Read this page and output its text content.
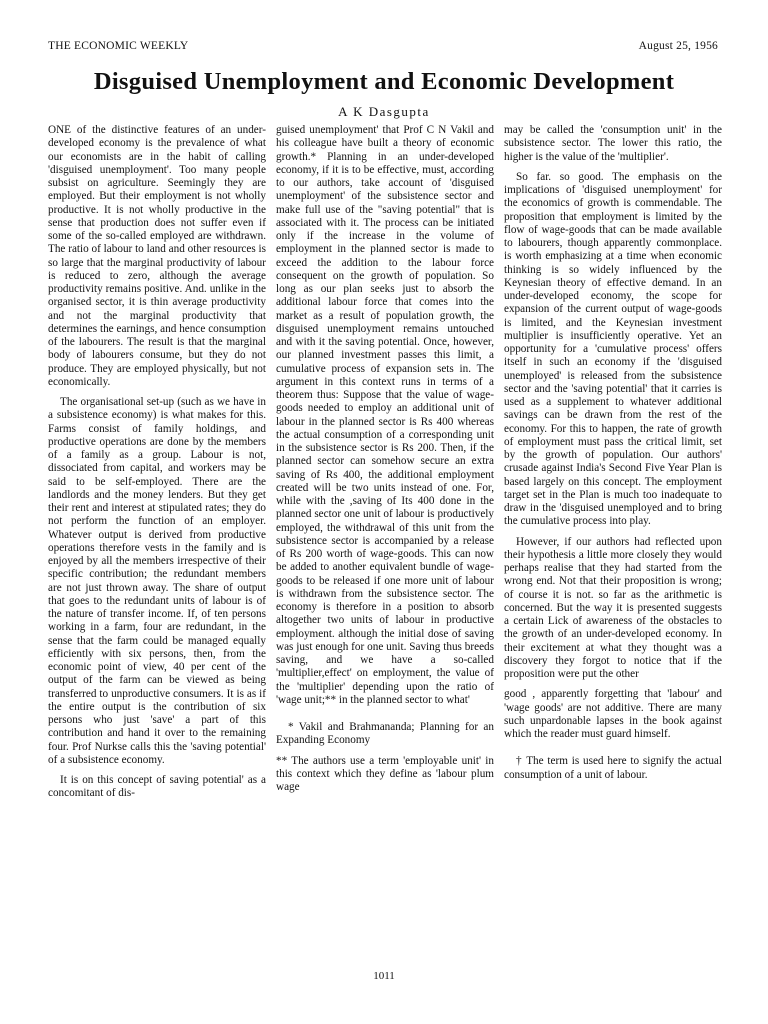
THE ECONOMIC WEEKLY	August 25, 1956
Disguised Unemployment and Economic Development
A K Dasgupta

ONE of the distinctive features of an under-developed economy is the prevalence of what our economists are in the habit of calling 'disguised unemployment'. Too many people subsist on agriculture. Seemingly they are employed. But their employment is not wholly productive. It is not wholly productive in the sense that production does not suffer even if some of the so-called employed are withdrawn. The ratio of labour to land and other resources is so large that the marginal productivity of labour is reduced to zero, although the average productivity remains positive. And. unlike in the organised sector, it is thin average productivity and not the marginal productivity that determines the earnings, and hence consumption of the labourers. The result is that the marginal body of labourers consume, but they do not produce. They are employed physically, but not economically.

The organisational set-up (such as we have in a subsistence economy) is what makes for this. Farms consist of family holdings, and productive operations are done by the members of a family as a group. Labour is not, dissociated from capital, and workers may be said to be self-employed. There are the landlords and the money lenders. But they get their rent and interest at stipulated rates; they do not perform the function of an employer. Whatever output is derived from productive operations therefore vests in the family and is enjoyed by all the members irrespective of their specific contribution; the redundant members are not just thrown away. The share of output that goes to the redundant units of labour is of the nature of transfer income. If, of ten persons working in a farm, four are redundant, in the sense that the farm could be managed equally efficiently with six persons, then, from the economic point of view, 40 per cent of the output of the farm can be viewed as being transferred to unproductive consumers. It is as if the entire output is the contribution of six persons who just 'save' a part of this contribution and hand it over to the remaining four. Prof Nurkse calls this the 'saving potential' of a subsistence economy.

It is on this concept of saving potential' as a concomitant of dis-

guised unemployment' that Prof C N Vakil and his colleague have built a theory of economic growth.* Planning in an under-developed economy, if it is to be effective, must, according to our authors, take account of 'disguised unemployment' of the subsistence sector and make full use of the "saving potential" that is associated with it. The process can be initiated only if the increase in the volume of employment in the planned sector is made to exceed the addition to the labour force consequent on the growth of population. So long as our plan seeks just to absorb the additional labour force that comes into the market as a result of population growth, the disguised unemployment remains untouched and with it the saving potential. Once, however, our planned investment passes this limit, a cumulative process of expansion sets in. The argument in this context runs in terms of a theorem thus: Suppose that the value of wage-goods needed to employ an additional unit of labour in the planned sector is Rs 400 whereas the actual consumption of a corresponding unit in the subsistence sector is Rs 200. Then, if the planned sector can somehow secure an extra saving of Rs 400, the additional employment created will be two units instead of one. For, while with the ,saving of Its 400 done in the planned sector one unit of labour is productively employed, the withdrawal of this unit from the subsistence sector is accompanied by a release of Rs 200 worth of wage-goods. This can now be added to another equivalent bundle of wage-goods to be released if one more unit of labour is withdrawn from the subsistence sector. The economy is therefore in a position to absorb altogether two units of labour in productive employment. although the initial dose of saving was just enough for one unit. Saving thus breeds saving, and we have a so-called 'multiplier,effect' on employment, the value of the 'multiplier' depending upon the ratio of 'wage unit;** in the planned sector to what'

* Vakil and Brahmananda; Planning for an Expanding Economy

** The authors use a term 'employable unit' in this context which they define as 'labour plum wage

may be called the 'consumption unit' in the subsistence sector. The lower this ratio, the higher is the value of the 'multiplier'.

So far. so good. The emphasis on the implications of 'disguised unemployment' for the economics of growth is commendable. The proposition that employment is limited by the flow of wage-goods that can be made available to labourers, though apparently commonplace. is worth emphasizing at a time when economic thinking is so widely influenced by the Keynesian theory of effective demand. In an under-developed economy, the scope for expansion of the current output of wage-goods is limited, and the Keynesian investment multiplier is insufficiently operative. Yet an opportunity for a 'cumulative process' offers itself in such an economy if the 'disguised unemployed' is released from the subsistence sector and the 'saving potential' that it carries is used as a supplement to whatever additional savings can be drawn from the rest of the economy. For this to happen, the rate of growth of employment must pass the critical limit, set by the growth of population. Our authors' crusade against India's Second Five Year Plan is based largely on this concept. The employment target set in the Plan is much too inadequate to draw in the 'disguised unemployed and to bring the cumulative process into play.

However, if our authors had reflected upon their hypothesis a little more closely they would perhaps realise that they had started from the wrong end. Not that their proposition is wrong; of course it is not. so far as the arithmetic is concerned. But the way it is presented suggests a certain Lick of awareness of the obstacles to the growth of an under-developed economy. In their excitement at what they thought was a discovery they forgot to notice that if the proposition were put the other

good , apparently forgetting that 'labour' and 'wage goods' are not additive. There are many such unpardonable lapses in the book against which the reader must guard himself.

† The term is used here to signify the actual consumption of a unit of labour.

1011
